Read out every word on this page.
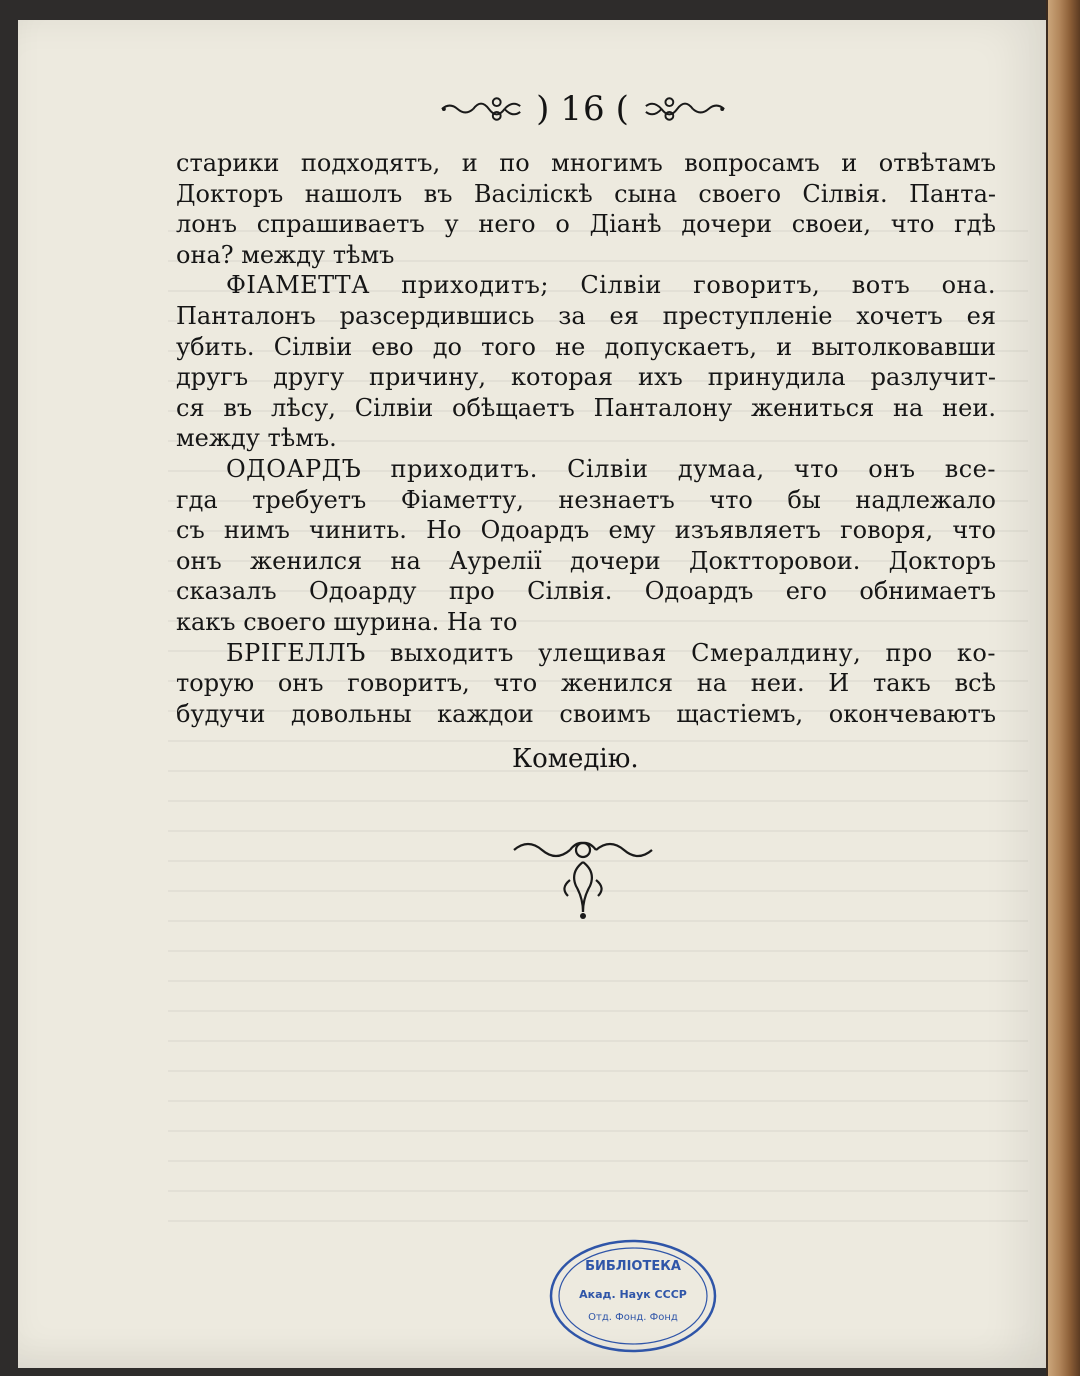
) 16 (

старики подходятъ, и по многимъ вопросамъ и отвѣтамъ
Докторъ нашолъ въ Васіліскѣ сына своего Сілвія. Панта-
лонъ спрашиваетъ у него о Діанѣ дочери своеи, что гдѣ
она? между тѣмъ

ФІАМЕТТА приходитъ; Сілвіи говоритъ, вотъ она.
Панталонъ разсердившись за ея преступленіе хочетъ ея
убить. Сілвіи ево до того не допускаетъ, и вытолковавши
другъ другу причину, которая ихъ принудила разлучит-
ся въ лѣсу, Сілвіи обѣщаетъ Панталону жениться на неи.
между тѣмъ.

ОДОАРДЪ приходитъ. Сілвіи думаа, что онъ все-
гда требуетъ Фіаметту, незнаетъ что бы надлежало
съ нимъ чинить. Но Одоардъ ему изъявляетъ говоря, что
онъ женился на Аурелії дочери Доктторовои. Докторъ
сказалъ Одоарду про Сілвія. Одоардъ его обнимаетъ
какъ своего шурина. На то

БРІГЕЛЛЪ выходитъ улещивая Смералдину, про ко-
торую онъ говоритъ, что женился на неи. И такъ всѣ
будучи довольны каждои своимъ щастіемъ, окончеваютъ

Комедію.
БИБЛІОТЕКА
Акад. Наук СССР
Отд. Фонд. Фонд
